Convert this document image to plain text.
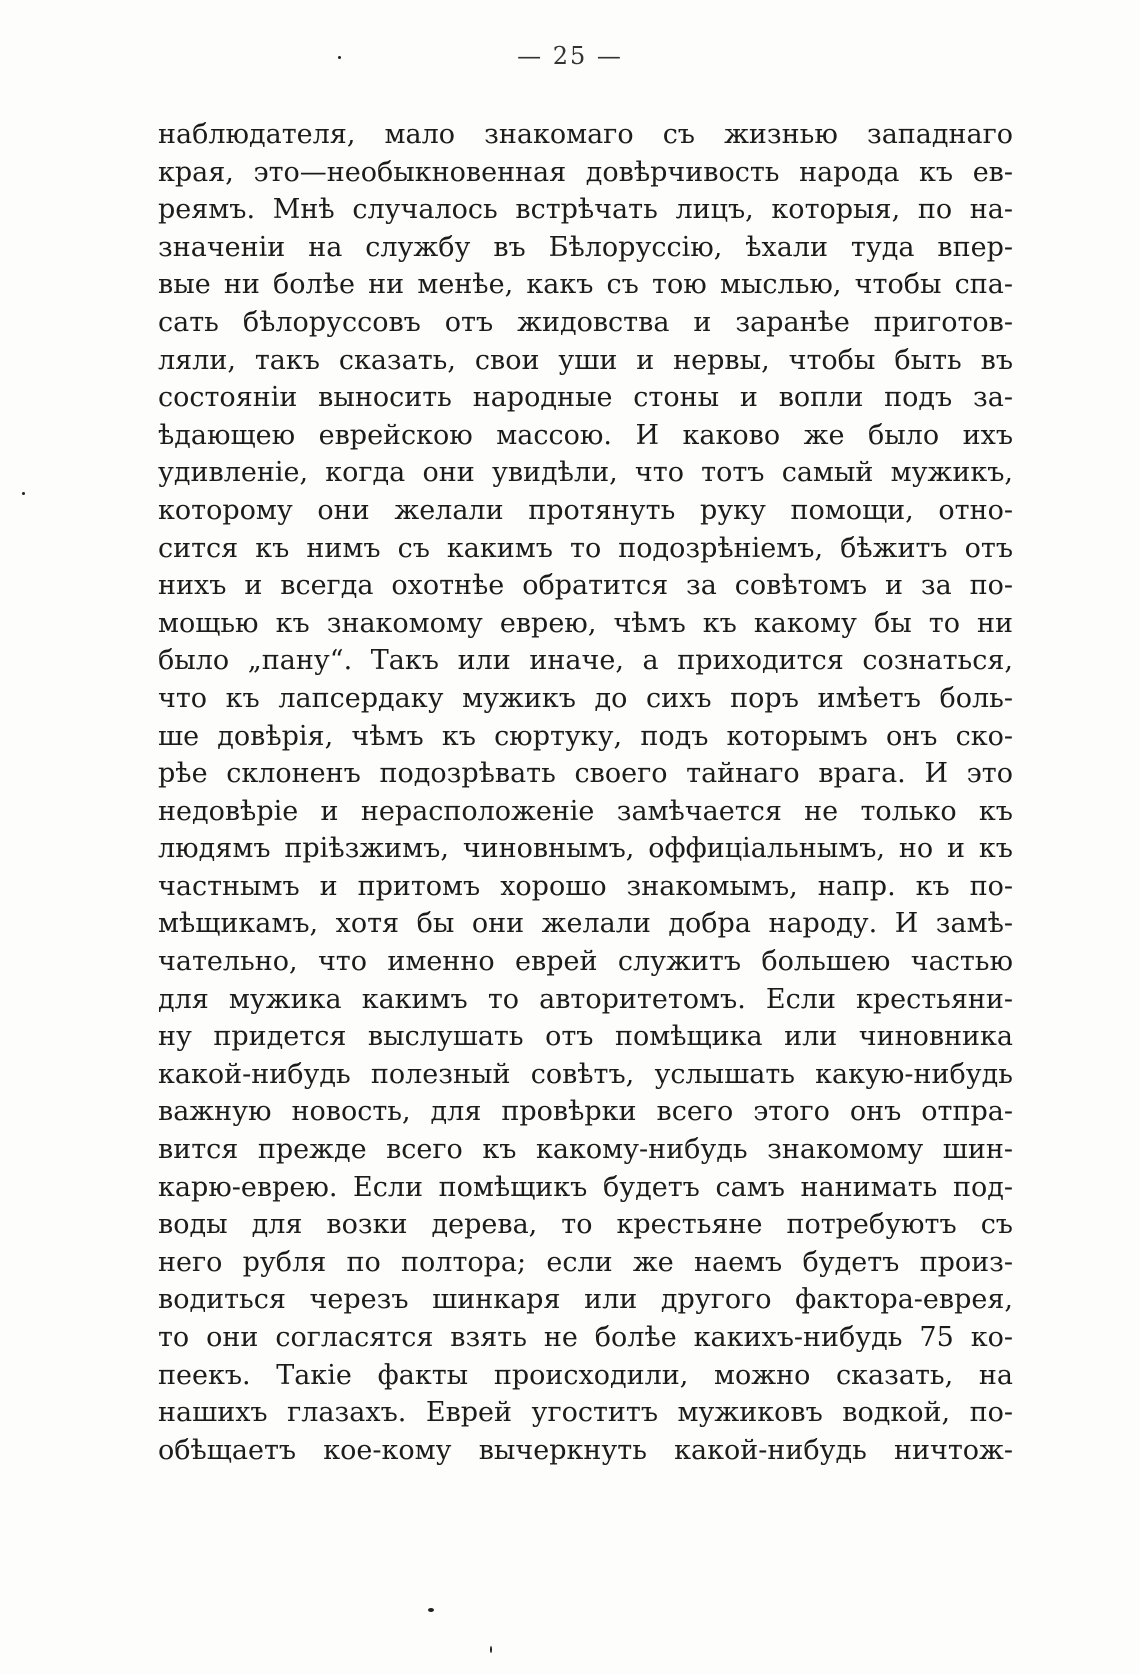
— 25 —
наблюдателя, мало знакомаго съ жизнью западнаго
края, это—необыкновенная довѣрчивость народа къ ев-
реямъ. Мнѣ случалось встрѣчать лицъ, которыя, по на-
значеніи на службу въ Бѣлоруссію, ѣхали туда впер-
вые ни болѣе ни менѣе, какъ съ тою мыслью, чтобы спа-
сать бѣлоруссовъ отъ жидовства и заранѣе приготов-
ляли, такъ сказать, свои уши и нервы, чтобы быть въ
состояніи выносить народные стоны и вопли подъ за-
ѣдающею еврейскою массою. И каково же было ихъ
удивленіе, когда они увидѣли, что тотъ самый мужикъ,
которому они желали протянуть руку помощи, отно-
сится къ нимъ съ какимъ то подозрѣніемъ, бѣжитъ отъ
нихъ и всегда охотнѣе обратится за совѣтомъ и за по-
мощью къ знакомому еврею, чѣмъ къ какому бы то ни
было „пану“. Такъ или иначе, а приходится сознаться,
что къ лапсердаку мужикъ до сихъ поръ имѣетъ боль-
ше довѣрія, чѣмъ къ сюртуку, подъ которымъ онъ ско-
рѣе склоненъ подозрѣвать своего тайнаго врага. И это
недовѣріе и нерасположеніе замѣчается не только къ
людямъ пріѣзжимъ, чиновнымъ, оффиціальнымъ, но и къ
частнымъ и притомъ хорошо знакомымъ, напр. къ по-
мѣщикамъ, хотя бы они желали добра народу. И замѣ-
чательно, что именно еврей служитъ большею частью
для мужика какимъ то авторитетомъ. Если крестьяни-
ну придется выслушать отъ помѣщика или чиновника
какой-нибудь полезный совѣтъ, услышать какую-нибудь
важную новость, для провѣрки всего этого онъ отпра-
вится прежде всего къ какому-нибудь знакомому шин-
карю-еврею. Если помѣщикъ будетъ самъ нанимать под-
воды для возки дерева, то крестьяне потребуютъ съ
него рубля по полтора; если же наемъ будетъ произ-
водиться черезъ шинкаря или другого фактора-еврея,
то они согласятся взять не болѣе какихъ-нибудь 75 ко-
пеекъ. Такіе факты происходили, можно сказать, на
нашихъ глазахъ. Еврей угоститъ мужиковъ водкой, по-
обѣщаетъ кое-кому вычеркнуть какой-нибудь ничтож-
